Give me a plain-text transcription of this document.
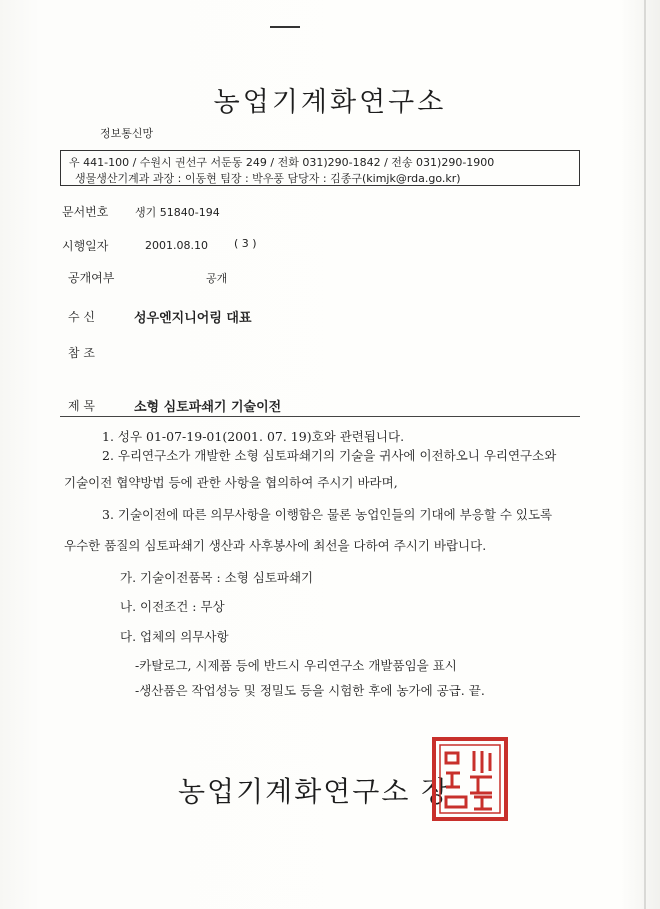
농업기계화연구소
정보통신망
우 441-100 / 수원시 권선구 서둔동 249 / 전화 031)290-1842 / 전송 031)290-1900
생물생산기계과 과장 : 이동현 팀장 : 박우풍 담당자 : 김종구(kimjk@rda.go.kr)
문서번호 생기 51840-194
시행일자	2001.08.10 ( 3 )
공개여부	공개
수 신	성우엔지니어링 대표
참 조
제 목	소형 심토파쇄기 기술이전
1. 성우 01-07-19-01(2001. 07. 19)호와 관련됩니다.
2. 우리연구소가 개발한 소형 심토파쇄기의 기술을 귀사에 이전하오니 우리연구소와
기술이전 협약방법 등에 관한 사항을 협의하여 주시기 바라며,
3. 기술이전에 따른 의무사항을 이행함은 물론 농업인들의 기대에 부응할 수 있도록
우수한 품질의 심토파쇄기 생산과 사후봉사에 최선을 다하여 주시기 바랍니다.
가. 기술이전품목 : 소형 심토파쇄기
나. 이전조건 : 무상
다. 업체의 의무사항
-카탈로그, 시제품 등에 반드시 우리연구소 개발품임을 표시
-생산품은 작업성능 및 정밀도 등을 시험한 후에 농가에 공급. 끝.
농업기계화연구소 장
